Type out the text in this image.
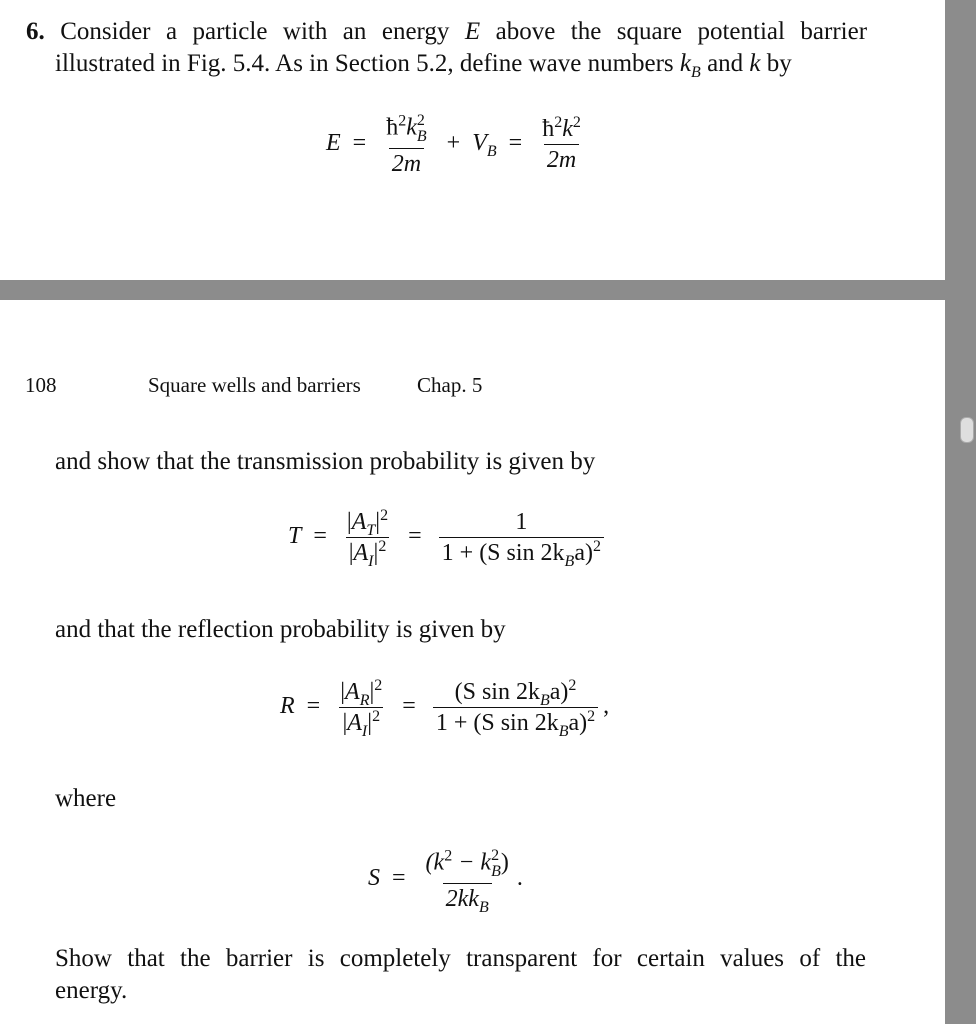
6. Consider a particle with an energy E above the square potential barrier
illustrated in Fig. 5.4. As in Section 5.2, define wave numbers $k_B$ and k by
$E = ħ^2k$ 2
B
$2m + V_B = \frac{ħ^2k^2}{2m}$
108	Square wells and barriers	Chap. 5
and show that the transmission probability is given by
$T = \frac{|A_T|^2}{|A_I|^2} = \frac{1}{1 + (S \sin 2k_Ba)^2}$
and that the reflection probability is given by
$R = \frac{|A_R|^2}{|A_I|^2} = \frac{(S \sin 2k_Ba)^2}{1 + (S \sin 2k_Ba)^2}$ ,
where
$S = (k^2 - k$ 2
B )
$2kk_B$ .
Show that the barrier is completely transparent for certain values of the
energy.
